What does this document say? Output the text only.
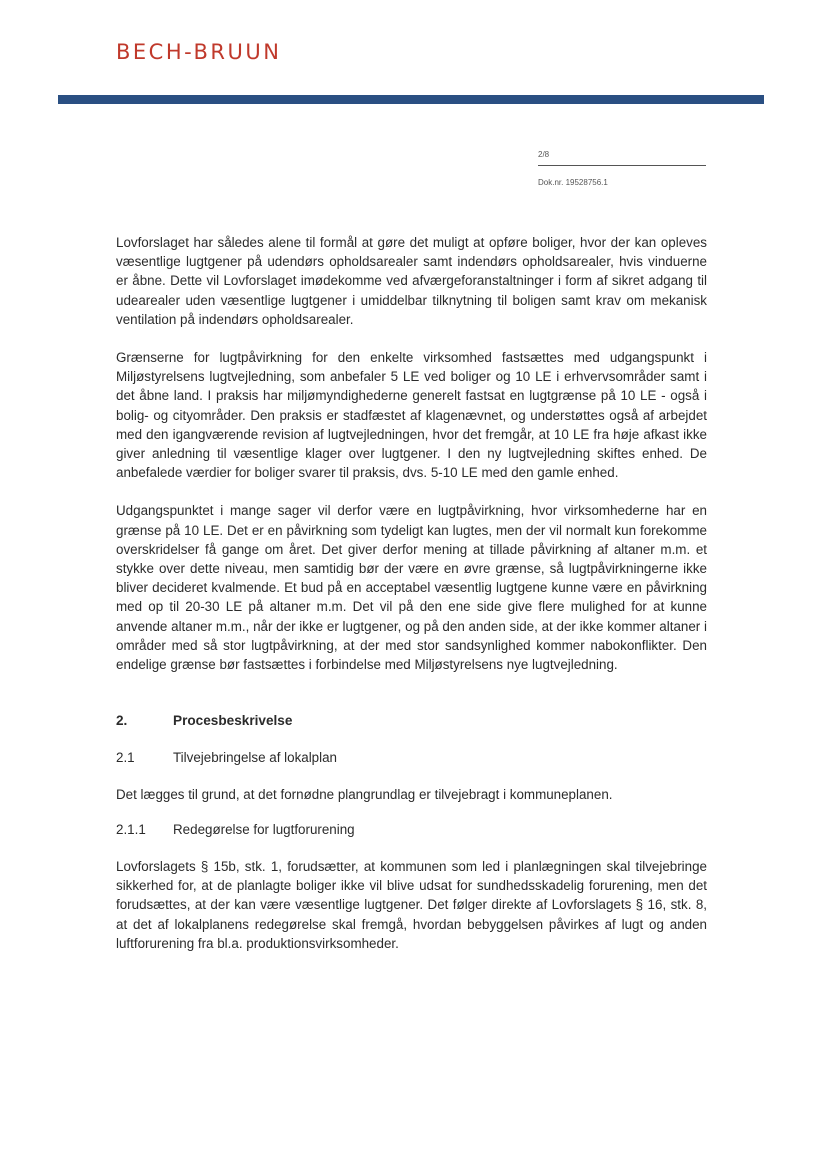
BECH-BRUUN
2/8
Dok.nr. 19528756.1

Lovforslaget har således alene til formål at gøre det muligt at opføre boliger, hvor der kan opleves væsentlige lugtgener på udendørs opholdsarealer samt indendørs opholdsarealer, hvis vinduerne er åbne. Dette vil Lovforslaget imødekomme ved afværgeforanstaltninger i form af sikret adgang til udearealer uden væsentlige lugtgener i umiddelbar tilknytning til boligen samt krav om mekanisk ventilation på indendørs opholdsarealer.

Grænserne for lugtpåvirkning for den enkelte virksomhed fastsættes med udgangspunkt i Miljøstyrelsens lugtvejledning, som anbefaler 5 LE ved boliger og 10 LE i erhvervsområder samt i det åbne land. I praksis har miljømyndighederne generelt fastsat en lugtgrænse på 10 LE - også i bolig- og cityområder. Den praksis er stadfæstet af klagenævnet, og understøttes også af arbejdet med den igangværende revision af lugtvejledningen, hvor det fremgår, at 10 LE fra høje afkast ikke giver anledning til væsentlige klager over lugtgener. I den ny lugtvejledning skiftes enhed. De anbefalede værdier for boliger svarer til praksis, dvs. 5-10 LE med den gamle enhed.

Udgangspunktet i mange sager vil derfor være en lugtpåvirkning, hvor virksomhederne har en grænse på 10 LE. Det er en påvirkning som tydeligt kan lugtes, men der vil normalt kun forekomme overskridelser få gange om året. Det giver derfor mening at tillade påvirkning af altaner m.m. et stykke over dette niveau, men samtidig bør der være en øvre grænse, så lugtpåvirkningerne ikke bliver decideret kvalmende. Et bud på en acceptabel væsentlig lugtgene kunne være en påvirkning med op til 20-30 LE på altaner m.m. Det vil på den ene side give flere mulighed for at kunne anvende altaner m.m., når der ikke er lugtgener, og på den anden side, at der ikke kommer altaner i områder med så stor lugtpåvirkning, at der med stor sandsynlighed kommer nabokonflikter. Den endelige grænse bør fastsættes i forbindelse med Miljøstyrelsens nye lugtvejledning.

2.	Procesbeskrivelse

2.1	Tilvejebringelse af lokalplan

Det lægges til grund, at det fornødne plangrundlag er tilvejebragt i kommuneplanen.

2.1.1	Redegørelse for lugtforurening

Lovforslagets § 15b, stk. 1, forudsætter, at kommunen som led i planlægningen skal tilvejebringe sikkerhed for, at de planlagte boliger ikke vil blive udsat for sundhedsskadelig forurening, men det forudsættes, at der kan være væsentlige lugtgener. Det følger direkte af Lovforslagets § 16, stk. 8, at det af lokalplanens redegørelse skal fremgå, hvordan bebyggelsen påvirkes af lugt og anden luftforurening fra bl.a. produktionsvirksomheder.
